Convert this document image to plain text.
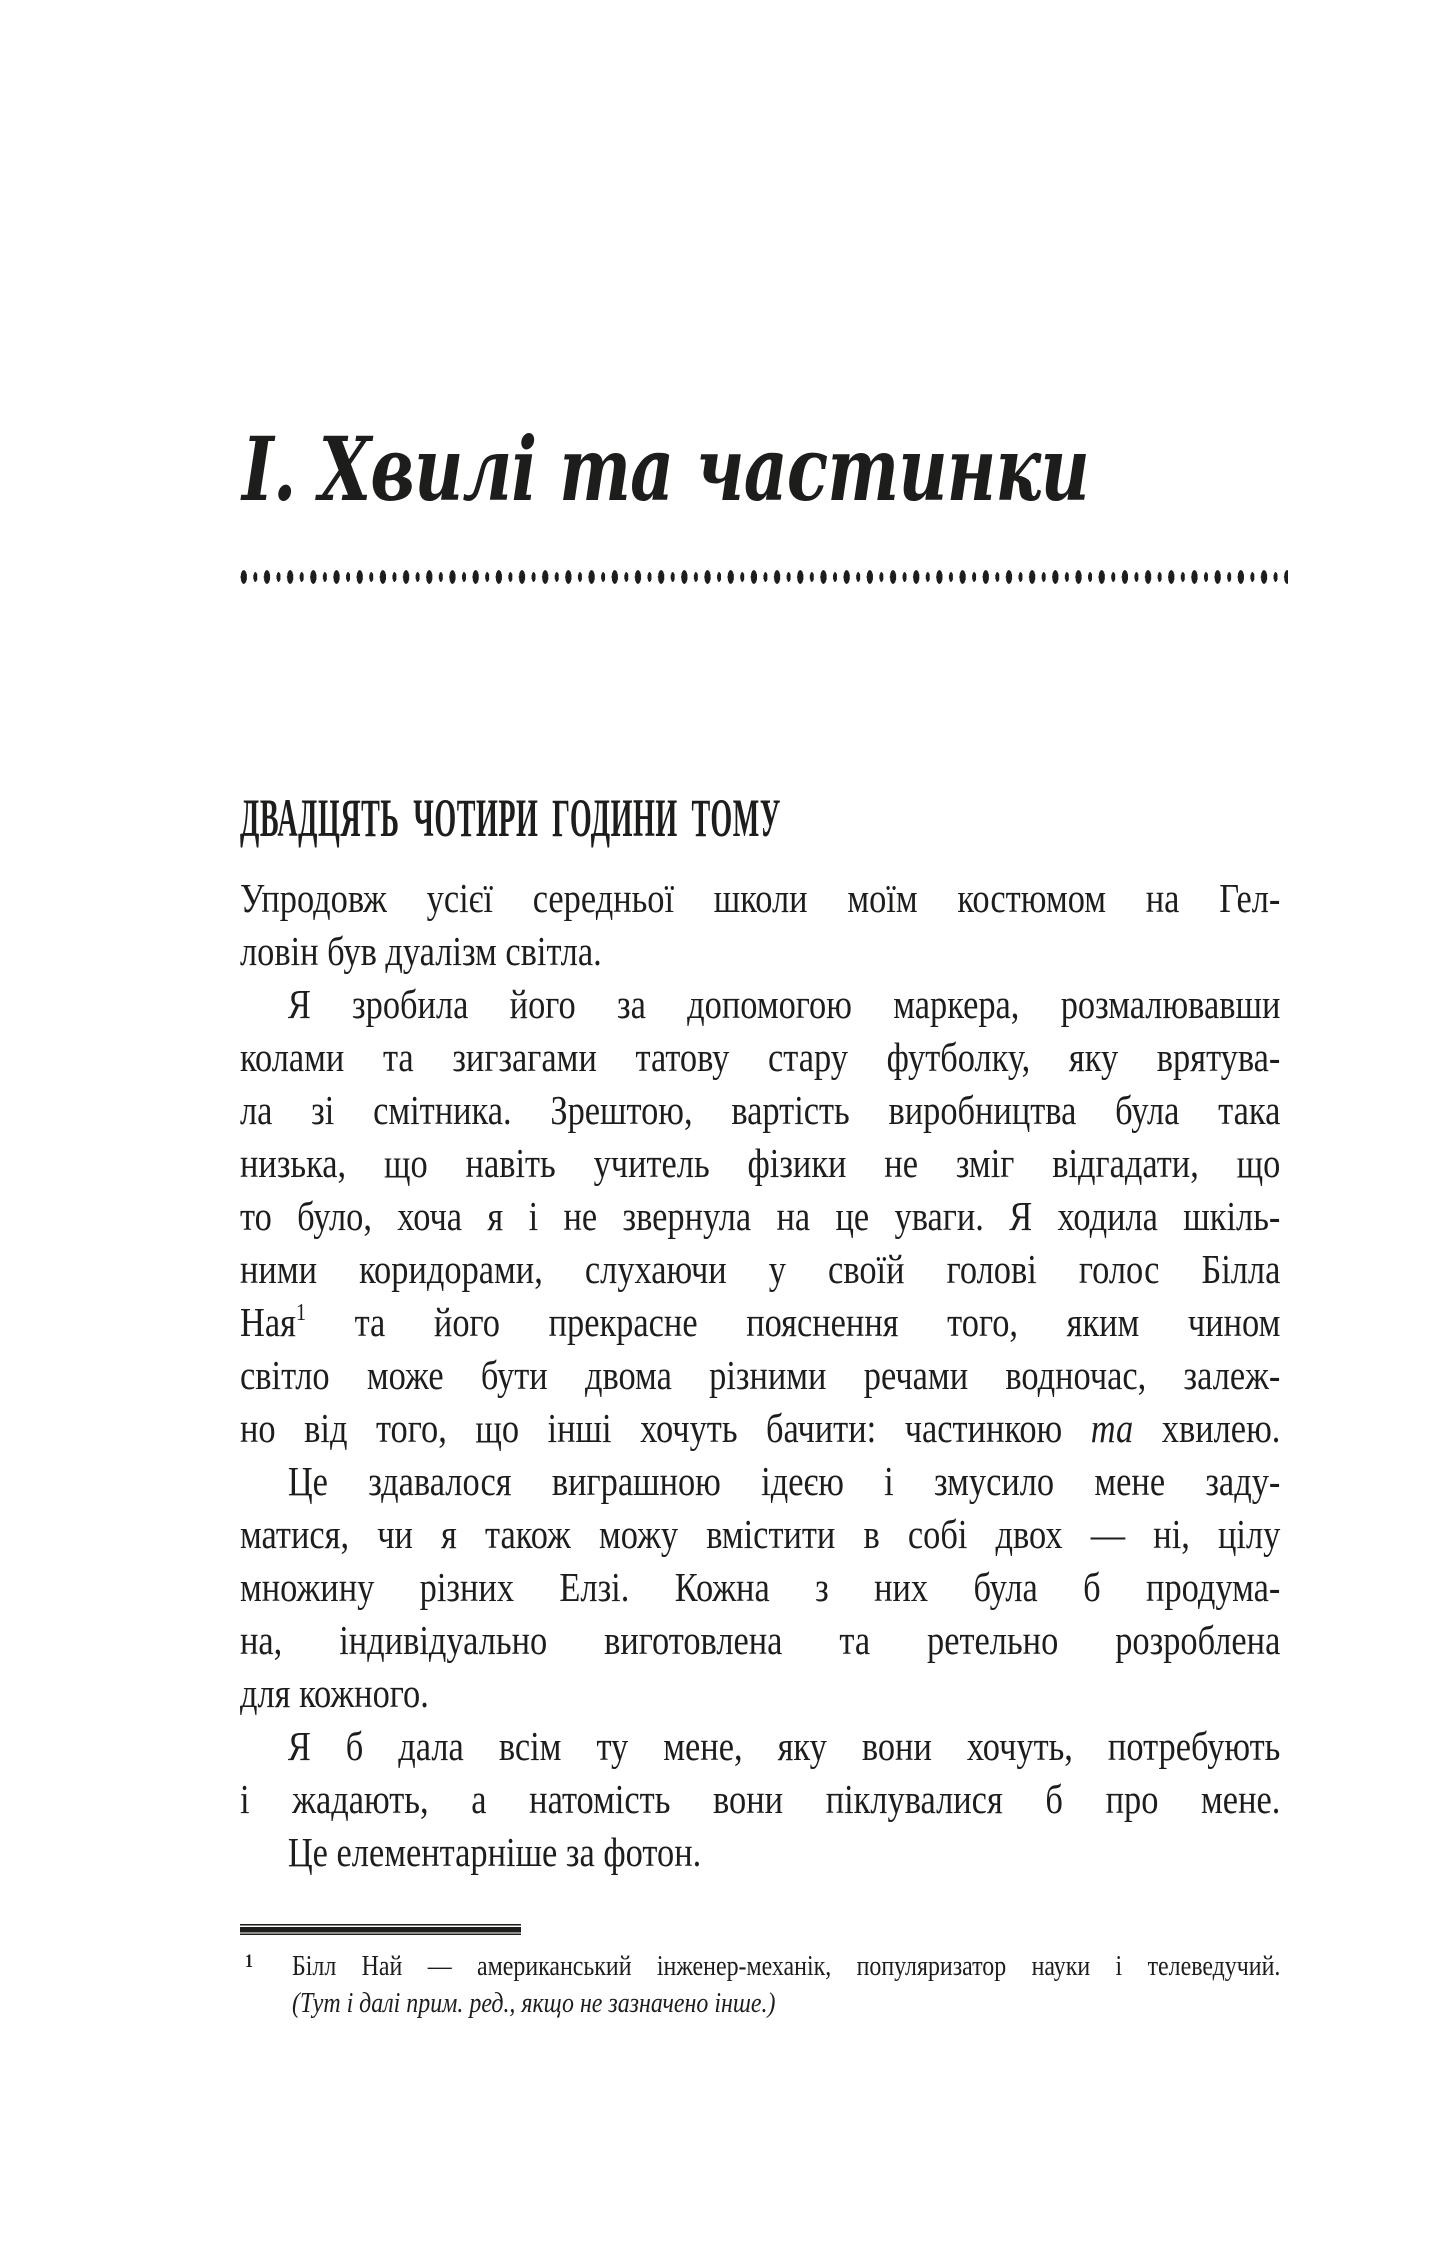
І. Хвилі та частинки
ДВАДЦЯТЬ ЧОТИРИ ГОДИНИ ТОМУ
Упродовж усієї середньої школи моїм костюмом на Гел-
ловін був дуалізм світла.
Я зробила його за допомогою маркера, розмалювавши
колами та зигзагами татову стару футболку, яку врятува-
ла зі смітника. Зрештою, вартість виробництва була така
низька, що навіть учитель фізики не зміг відгадати, що
то було, хоча я і не звернула на це уваги. Я ходила шкіль-
ними коридорами, слухаючи у своїй голові голос Білла
Ная$^1$ та його прекрасне пояснення того, яким чином
світло може бути двома різними речами водночас, залеж-
но від того, що інші хочуть бачити: частинкою та хвилею.
Це здавалося виграшною ідеєю і змусило мене заду-
матися, чи я також можу вмістити в собі двох — ні, цілу
множину різних Елзі. Кожна з них була б продума-
на, індивідуально виготовлена та ретельно розроблена
для кожного.
Я б дала всім ту мене, яку вони хочуть, потребують
і жадають, а натомість вони піклувалися б про мене.
Це елементарніше за фотон.
1 Білл Най — американський інженер-механік, популяризатор науки і телеведучий.
(Тут і далі прим. ред., якщо не зазначено інше.)
